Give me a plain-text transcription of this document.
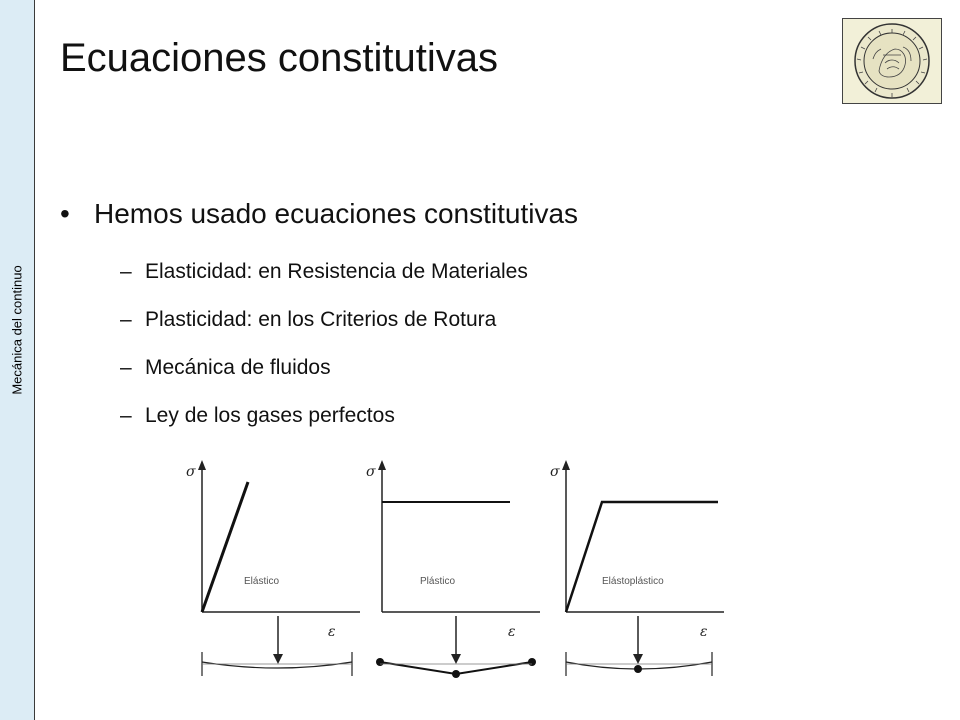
Mecánica del continuo
Ecuaciones constitutivas
• Hemos usado ecuaciones constitutivas
– Elasticidad: en Resistencia de Materiales
– Plasticidad: en los Criterios de Rotura
– Mecánica de fluidos
– Ley de los gases perfectos
σ
Elástico
ε
σ
Plástico
ε
σ
Elástoplástico
ε
